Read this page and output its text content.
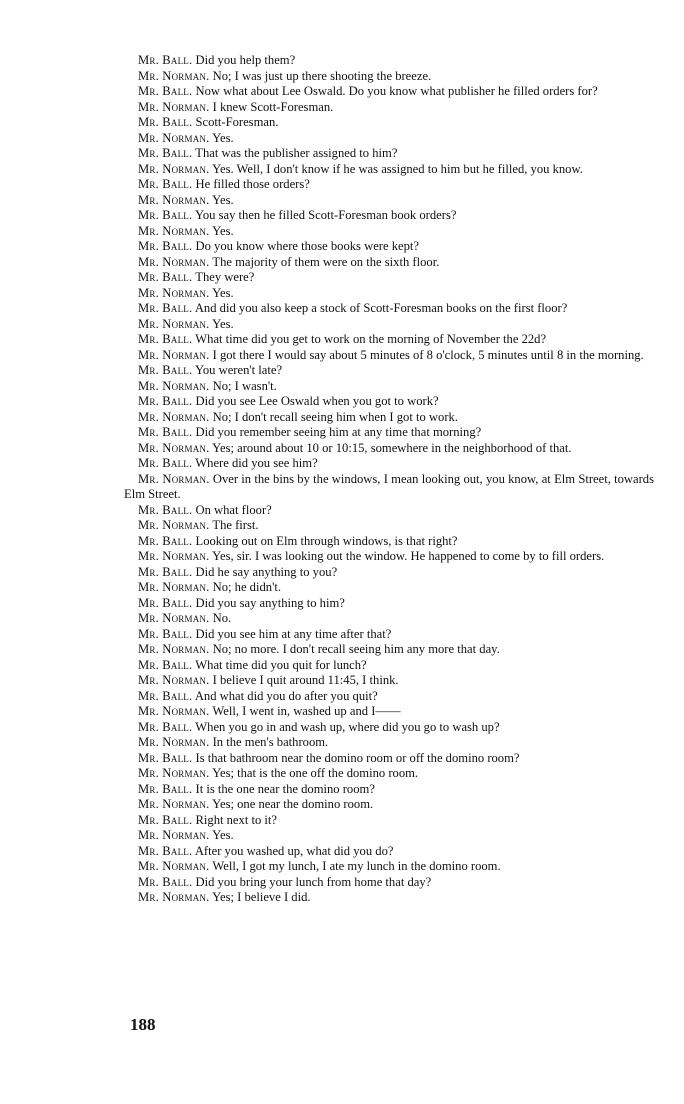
Mr. Ball. Did you help them?

Mr. Norman. No; I was just up there shooting the breeze.

Mr. Ball. Now what about Lee Oswald. Do you know what publisher he filled orders for?

Mr. Norman. I knew Scott-Foresman.

Mr. Ball. Scott-Foresman.

Mr. Norman. Yes.

Mr. Ball. That was the publisher assigned to him?

Mr. Norman. Yes. Well, I don't know if he was assigned to him but he filled, you know.

Mr. Ball. He filled those orders?

Mr. Norman. Yes.

Mr. Ball. You say then he filled Scott-Foresman book orders?

Mr. Norman. Yes.

Mr. Ball. Do you know where those books were kept?

Mr. Norman. The majority of them were on the sixth floor.

Mr. Ball. They were?

Mr. Norman. Yes.

Mr. Ball. And did you also keep a stock of Scott-Foresman books on the first floor?

Mr. Norman. Yes.

Mr. Ball. What time did you get to work on the morning of November the 22d?

Mr. Norman. I got there I would say about 5 minutes of 8 o'clock, 5 minutes until 8 in the morning.

Mr. Ball. You weren't late?

Mr. Norman. No; I wasn't.

Mr. Ball. Did you see Lee Oswald when you got to work?

Mr. Norman. No; I don't recall seeing him when I got to work.

Mr. Ball. Did you remember seeing him at any time that morning?

Mr. Norman. Yes; around about 10 or 10:15, somewhere in the neighborhood of that.

Mr. Ball. Where did you see him?

Mr. Norman. Over in the bins by the windows, I mean looking out, you know, at Elm Street, towards Elm Street.

Mr. Ball. On what floor?

Mr. Norman. The first.

Mr. Ball. Looking out on Elm through windows, is that right?

Mr. Norman. Yes, sir. I was looking out the window. He happened to come by to fill orders.

Mr. Ball. Did he say anything to you?

Mr. Norman. No; he didn't.

Mr. Ball. Did you say anything to him?

Mr. Norman. No.

Mr. Ball. Did you see him at any time after that?

Mr. Norman. No; no more. I don't recall seeing him any more that day.

Mr. Ball. What time did you quit for lunch?

Mr. Norman. I believe I quit around 11:45, I think.

Mr. Ball. And what did you do after you quit?

Mr. Norman. Well, I went in, washed up and I——

Mr. Ball. When you go in and wash up, where did you go to wash up?

Mr. Norman. In the men's bathroom.

Mr. Ball. Is that bathroom near the domino room or off the domino room?

Mr. Norman. Yes; that is the one off the domino room.

Mr. Ball. It is the one near the domino room?

Mr. Norman. Yes; one near the domino room.

Mr. Ball. Right next to it?

Mr. Norman. Yes.

Mr. Ball. After you washed up, what did you do?

Mr. Norman. Well, I got my lunch, I ate my lunch in the domino room.

Mr. Ball. Did you bring your lunch from home that day?

Mr. Norman. Yes; I believe I did.

188
